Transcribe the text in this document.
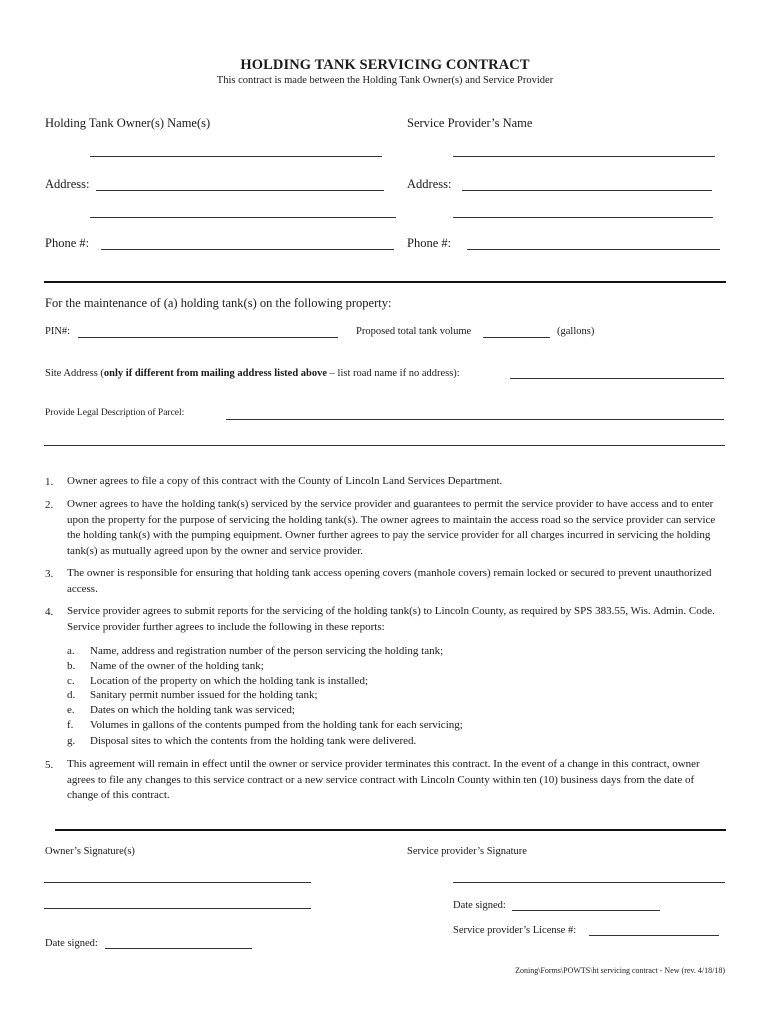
HOLDING TANK SERVICING CONTRACT
This contract is made between the Holding Tank Owner(s) and Service Provider
Holding Tank Owner(s) Name(s)	Service Provider’s Name
Address:	Address:
Phone #:	Phone #:
For the maintenance of (a) holding tank(s) on the following property:
PIN#:	Proposed total tank volume	(gallons)
Site Address (only if different from mailing address listed above – list road name if no address):
Provide Legal Description of Parcel:
1. Owner agrees to file a copy of this contract with the County of Lincoln Land Services Department.
2. Owner agrees to have the holding tank(s) serviced by the service provider and guarantees to permit the service provider to have access and to enter upon the property for the purpose of servicing the holding tank(s). The owner agrees to maintain the access road so the service provider can service the holding tank(s) with the pumping equipment. Owner further agrees to pay the service provider for all charges incurred in servicing the holding tank(s) as mutually agreed upon by the owner and service provider.
3. The owner is responsible for ensuring that holding tank access opening covers (manhole covers) remain locked or secured to prevent unauthorized access.
4. Service provider agrees to submit reports for the servicing of the holding tank(s) to Lincoln County, as required by SPS 383.55, Wis. Admin. Code. Service provider further agrees to include the following in these reports:
a. Name, address and registration number of the person servicing the holding tank;
b. Name of the owner of the holding tank;
c. Location of the property on which the holding tank is installed;
d. Sanitary permit number issued for the holding tank;
e. Dates on which the holding tank was serviced;
f. Volumes in gallons of the contents pumped from the holding tank for each servicing;
g. Disposal sites to which the contents from the holding tank were delivered.
5. This agreement will remain in effect until the owner or service provider terminates this contract. In the event of a change in this contract, owner agrees to file any changes to this service contract or a new service contract with Lincoln County within ten (10) business days from the date of change of this contract.
Owner’s Signature(s)	Service provider’s Signature
Date signed:
Service provider’s License #:
Date signed:
Zoning\Forms\POWTS\ht servicing contract - New (rev. 4/18/18)
